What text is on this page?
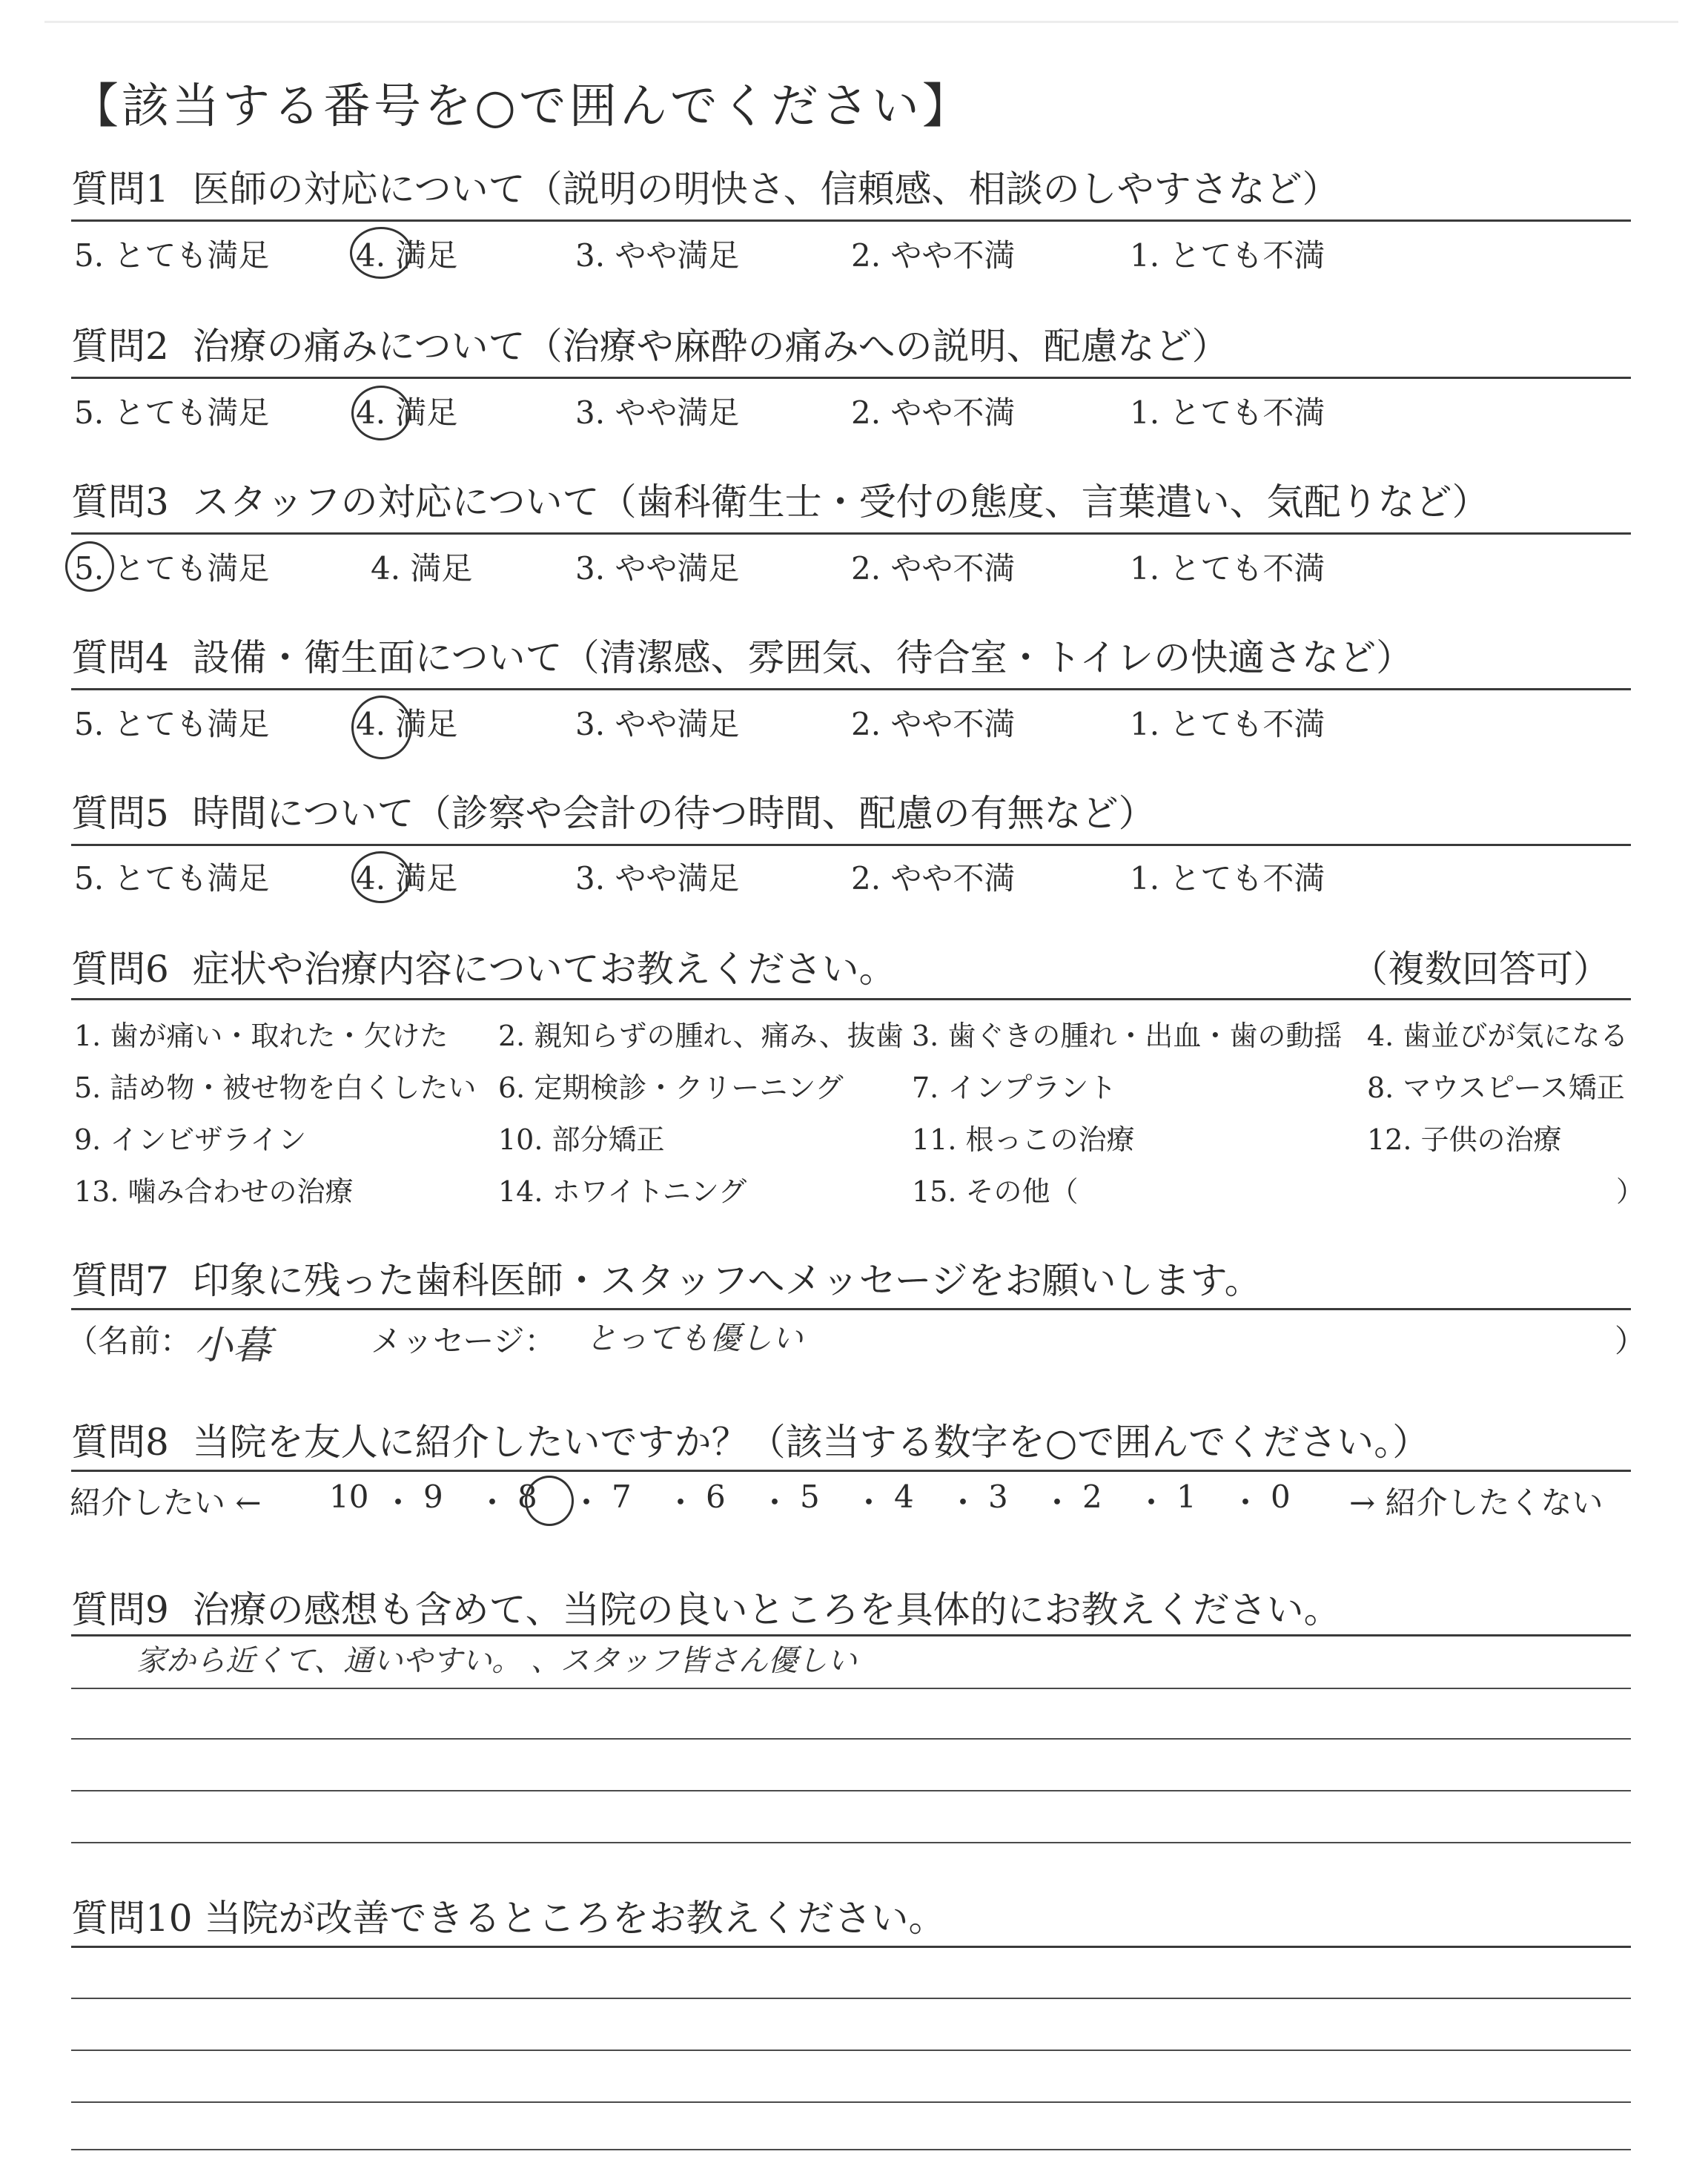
【該当する番号を○で囲んでください】
質問1 医師の対応について（説明の明快さ、信頼感、相談のしやすさなど）
5. とても満足	4. 満足	3. やや満足	2. やや不満	1. とても不満
質問2 治療の痛みについて（治療や麻酔の痛みへの説明、配慮など）
5. とても満足	4. 満足	3. やや満足	2. やや不満	1. とても不満
質問3 スタッフの対応について（歯科衛生士・受付の態度、言葉遣い、気配りなど）
5. とても満足	4. 満足	3. やや満足	2. やや不満	1. とても不満
質問4 設備・衛生面について（清潔感、雰囲気、待合室・トイレの快適さなど）
5. とても満足	4. 満足	3. やや満足	2. やや不満	1. とても不満
質問5 時間について（診察や会計の待つ時間、配慮の有無など）
5. とても満足	4. 満足	3. やや満足	2. やや不満	1. とても不満
質問6 症状や治療内容についてお教えください。	（複数回答可）
1. 歯が痛い・取れた・欠けた 2. 親知らずの腫れ、痛み、抜歯 3. 歯ぐきの腫れ・出血・歯の動揺 4. 歯並びが気になる
5. 詰め物・被せ物を白くしたい 6. 定期検診・クリーニング 7. インプラント	8. マウスピース矯正
9. インビザライン	10. 部分矯正	11. 根っこの治療	12. 子供の治療
13. 噛み合わせの治療	14. ホワイトニング	15. その他（	）
質問7 印象に残った歯科医師・スタッフへメッセージをお願いします。
（名前： 小暮	メッセージ： とっても優しい	）
質問8 当院を友人に紹介したいですか？（該当する数字を○で囲んでください。）
紹介したい ←	→ 紹介したくない
10 ・ 9 ・ 8 ・ 7 ・ 6 ・ 5 ・ 4 ・ 3 ・ 2 ・ 1 ・ 0
質問9 治療の感想も含めて、当院の良いところを具体的にお教えください。
家から近くて、通いやすい。 、スタッフ皆さん優しい
質問10 当院が改善できるところをお教えください。
